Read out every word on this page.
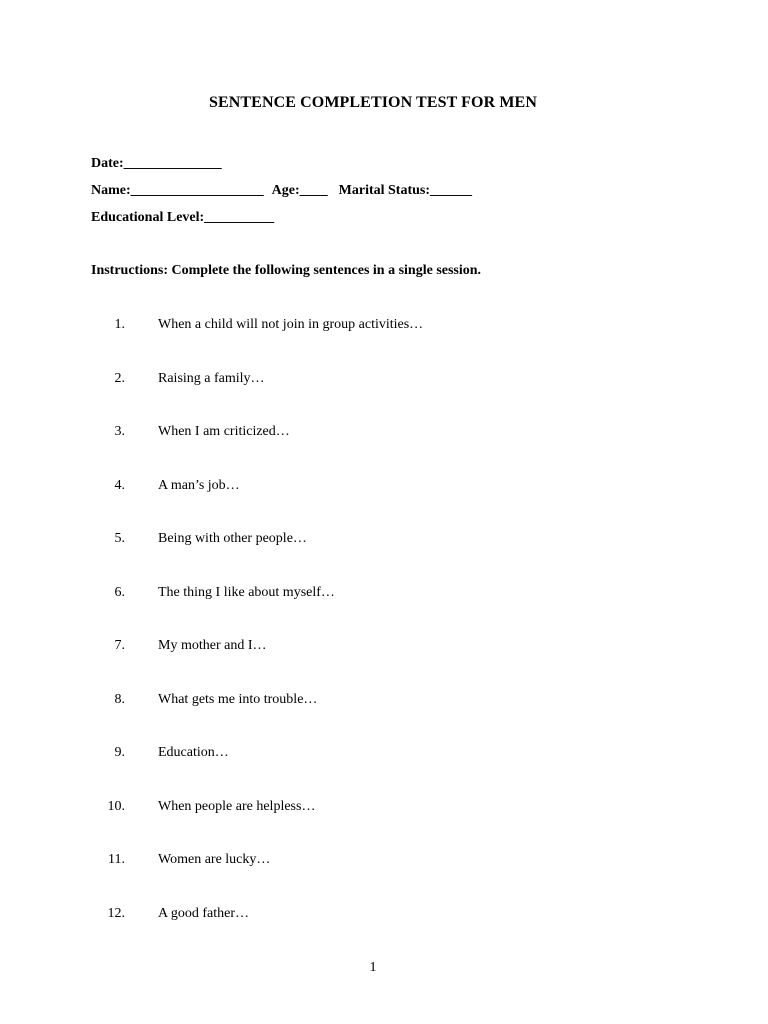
SENTENCE COMPLETION TEST FOR MEN
Date:______________
Name:___________________ Age:____ Marital Status:______
Educational Level:__________
Instructions: Complete the following sentences in a single session.
1. When a child will not join in group activities…
2. Raising a family…
3. When I am criticized…
4. A man’s job…
5. Being with other people…
6. The thing I like about myself…
7. My mother and I…
8. What gets me into trouble…
9. Education…
10. When people are helpless…
11. Women are lucky…
12. A good father…
1
